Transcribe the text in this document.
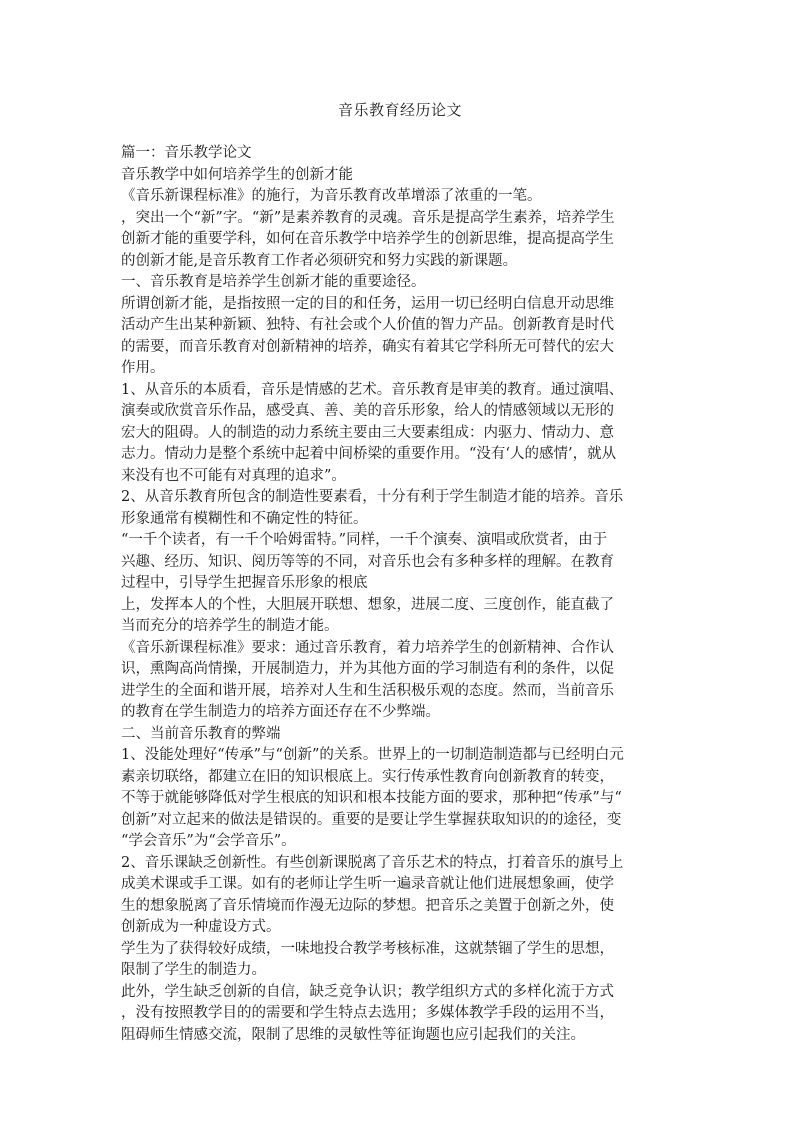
音乐教育经历论文

篇一：音乐教学论文

音乐教学中如何培养学生的创新才能

《音乐新课程标准》的施行，为音乐教育改革增添了浓重的一笔。

，突出一个“新”字。“新”是素养教育的灵魂。音乐是提高学生素养，培养学生

创新才能的重要学科，如何在音乐教学中培养学生的创新思维，提高提高学生

的创新才能,是音乐教育工作者必须研究和努力实践的新课题。

一、音乐教育是培养学生创新才能的重要途径。

所谓创新才能，是指按照一定的目的和任务，运用一切已经明白信息开动思维

活动产生出某种新颖、独特、有社会或个人价值的智力产品。创新教育是时代

的需要，而音乐教育对创新精神的培养，确实有着其它学科所无可替代的宏大

作用。

1、从音乐的本质看，音乐是情感的艺术。音乐教育是审美的教育。通过演唱、

演奏或欣赏音乐作品，感受真、善、美的音乐形象，给人的情感领域以无形的

宏大的阻碍。人的制造的动力系统主要由三大要素组成：内驱力、情动力、意

志力。情动力是整个系统中起着中间桥梁的重要作用。“没有‘人的感情’，就从

来没有也不可能有对真理的追求”。

2、从音乐教育所包含的制造性要素看，十分有利于学生制造才能的培养。音乐

形象通常有模糊性和不确定性的特征。

“一千个读者，有一千个哈姆雷特。”同样，一千个演奏、演唱或欣赏者，由于

兴趣、经历、知识、阅历等等的不同，对音乐也会有多种多样的理解。在教育

过程中，引导学生把握音乐形象的根底

上，发挥本人的个性，大胆展开联想、想象，进展二度、三度创作，能直截了

当而充分的培养学生的制造才能。

《音乐新课程标准》要求：通过音乐教育，着力培养学生的创新精神、合作认

识，熏陶高尚情操，开展制造力，并为其他方面的学习制造有利的条件，以促

进学生的全面和谐开展，培养对人生和生活积极乐观的态度。然而，当前音乐

的教育在学生制造力的培养方面还存在不少弊端。

二、当前音乐教育的弊端

1、没能处理好“传承”与“创新”的关系。世界上的一切制造制造都与已经明白元

素亲切联络，都建立在旧的知识根底上。实行传承性教育向创新教育的转变，

不等于就能够降低对学生根底的知识和根本技能方面的要求，那种把“传承”与“

创新”对立起来的做法是错误的。重要的是要让学生掌握获取知识的的途径，变

“学会音乐”为“会学音乐”。

2、音乐课缺乏创新性。有些创新课脱离了音乐艺术的特点，打着音乐的旗号上

成美术课或手工课。如有的老师让学生听一遍录音就让他们进展想象画，使学

生的想象脱离了音乐情境而作漫无边际的梦想。把音乐之美置于创新之外，使

创新成为一种虚设方式。

学生为了获得较好成绩，一味地投合教学考核标准，这就禁锢了学生的思想，

限制了学生的制造力。

此外，学生缺乏创新的自信，缺乏竞争认识；教学组织方式的多样化流于方式

，没有按照教学目的的需要和学生特点去选用；多媒体教学手段的运用不当，

阻碍师生情感交流，限制了思维的灵敏性等征询题也应引起我们的关注。
